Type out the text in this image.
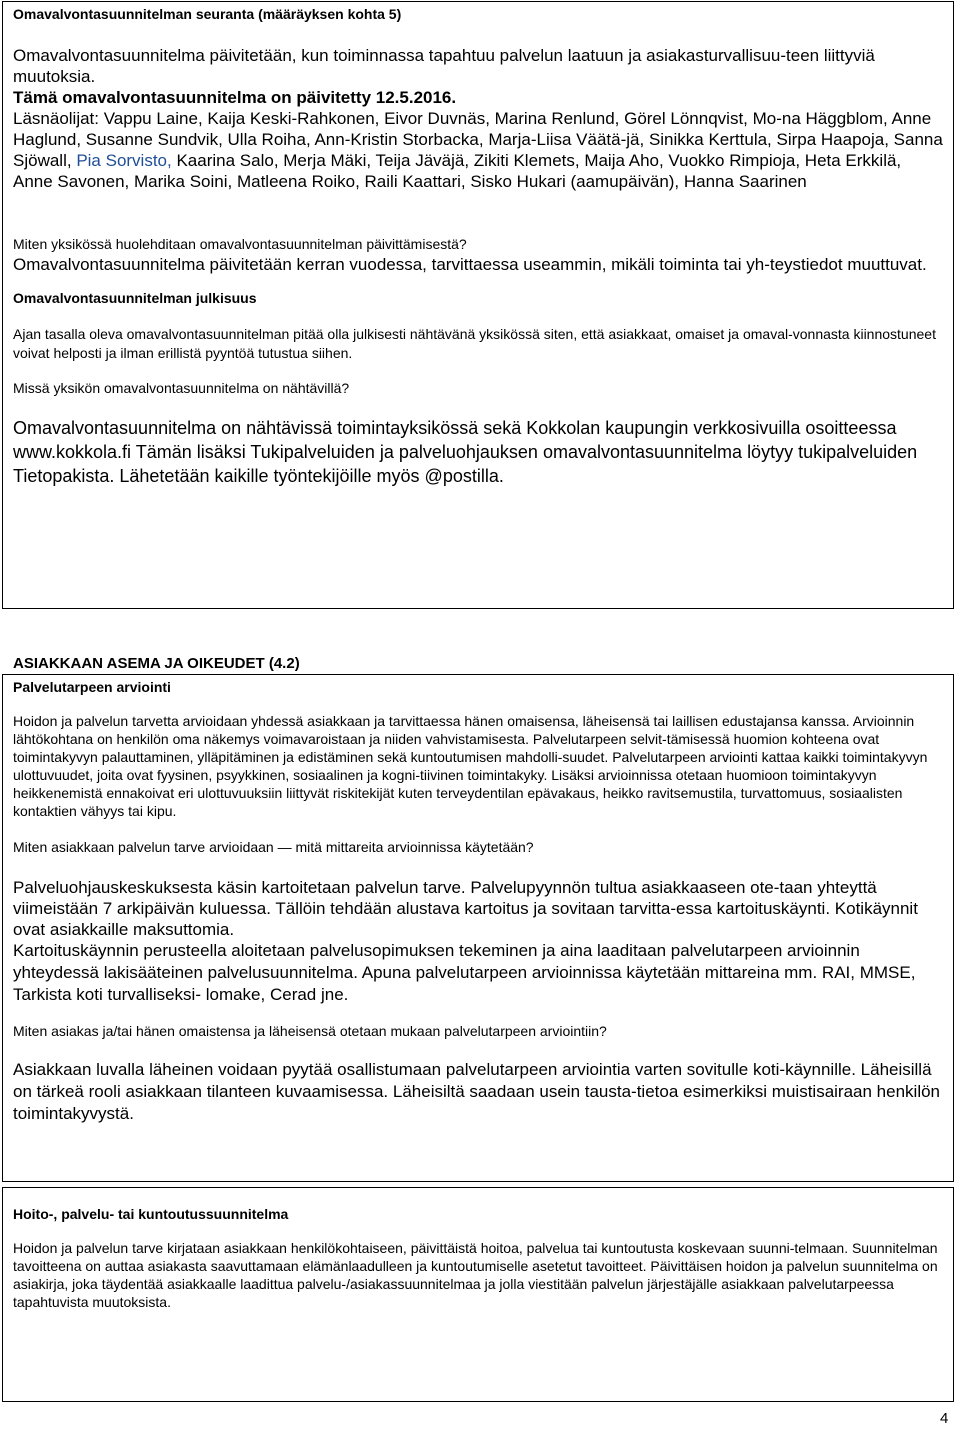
Omavalvontasuunnitelman seuranta (määräyksen kohta 5)

Omavalvontasuunnitelma päivitetään, kun toiminnassa tapahtuu palvelun laatuun ja asiakasturvallisuu-teen liittyviä muutoksia.

Tämä omavalvontasuunnitelma on päivitetty 12.5.2016.

Läsnäolijat: Vappu Laine, Kaija Keski-Rahkonen, Eivor Duvnäs, Marina Renlund, Görel Lönnqvist, Mo-na Häggblom, Anne Haglund, Susanne Sundvik, Ulla Roiha, Ann-Kristin Storbacka, Marja-Liisa Väätä-jä, Sinikka Kerttula, Sirpa Haapoja, Sanna Sjöwall, Pia Sorvisto, Kaarina Salo, Merja Mäki, Teija Jäväjä, Zikiti Klemets, Maija Aho, Vuokko Rimpioja, Heta Erkkilä, Anne Savonen, Marika Soini, Matleena Roiko, Raili Kaattari, Sisko Hukari (aamupäivän), Hanna Saarinen

Miten yksikössä huolehditaan omavalvontasuunnitelman päivittämisestä?

Omavalvontasuunnitelma päivitetään kerran vuodessa, tarvittaessa useammin, mikäli toiminta tai yh-teystiedot muuttuvat.

Omavalvontasuunnitelman julkisuus

Ajan tasalla oleva omavalvontasuunnitelman pitää olla julkisesti nähtävänä yksikössä siten, että asiakkaat, omaiset ja omaval-vonnasta kiinnostuneet voivat helposti ja ilman erillistä pyyntöä tutustua siihen.

Missä yksikön omavalvontasuunnitelma on nähtävillä?

Omavalvontasuunnitelma on nähtävissä toimintayksikössä sekä Kokkolan kaupungin verkkosivuilla osoitteessa www.kokkola.fi Tämän lisäksi Tukipalveluiden ja palveluohjauksen omavalvontasuunnitelma löytyy tukipalveluiden Tietopakista. Lähetetään kaikille työntekijöille myös @postilla.

ASIAKKAAN ASEMA JA OIKEUDET (4.2)
Palvelutarpeen arviointi

Hoidon ja palvelun tarvetta arvioidaan yhdessä asiakkaan ja tarvittaessa hänen omaisensa, läheisensä tai laillisen edustajansa kanssa. Arvioinnin lähtökohtana on henkilön oma näkemys voimavaroistaan ja niiden vahvistamisesta. Palvelutarpeen selvit-tämisessä huomion kohteena ovat toimintakyvyn palauttaminen, ylläpitäminen ja edistäminen sekä kuntoutumisen mahdolli-suudet. Palvelutarpeen arviointi kattaa kaikki toimintakyvyn ulottuvuudet, joita ovat fyysinen, psyykkinen, sosiaalinen ja kogni-tiivinen toimintakyky. Lisäksi arvioinnissa otetaan huomioon toimintakyvyn heikkenemistä ennakoivat eri ulottuvuuksiin liittyvät riskitekijät kuten terveydentilan epävakaus, heikko ravitsemustila, turvattomuus, sosiaalisten kontaktien vähyys tai kipu.

Miten asiakkaan palvelun tarve arvioidaan — mitä mittareita arvioinnissa käytetään?

Palveluohjauskeskuksesta käsin kartoitetaan palvelun tarve. Palvelupyynnön tultua asiakkaaseen ote-taan yhteyttä viimeistään 7 arkipäivän kuluessa. Tällöin tehdään alustava kartoitus ja sovitaan tarvitta-essa kartoituskäynti. Kotikäynnit ovat asiakkaille maksuttomia.

Kartoituskäynnin perusteella aloitetaan palvelusopimuksen tekeminen ja aina laaditaan palvelutarpeen arvioinnin yhteydessä lakisääteinen palvelusuunnitelma. Apuna palvelutarpeen arvioinnissa käytetään mittareina mm. RAI, MMSE, Tarkista koti turvalliseksi- lomake, Cerad jne.

Miten asiakas ja/tai hänen omaistensa ja läheisensä otetaan mukaan palvelutarpeen arviointiin?

Asiakkaan luvalla läheinen voidaan pyytää osallistumaan palvelutarpeen arviointia varten sovitulle koti-käynnille. Läheisillä on tärkeä rooli asiakkaan tilanteen kuvaamisessa. Läheisiltä saadaan usein tausta-tietoa esimerkiksi muistisairaan henkilön toimintakyvystä.

Hoito-, palvelu- tai kuntoutussuunnitelma

Hoidon ja palvelun tarve kirjataan asiakkaan henkilökohtaiseen, päivittäistä hoitoa, palvelua tai kuntoutusta koskevaan suunni-telmaan. Suunnitelman tavoitteena on auttaa asiakasta saavuttamaan elämänlaadulleen ja kuntoutumiselle asetetut tavoitteet. Päivittäisen hoidon ja palvelun suunnitelma on asiakirja, joka täydentää asiakkaalle laadittua palvelu-/asiakassuunnitelmaa ja jolla viestitään palvelun järjestäjälle asiakkaan palvelutarpeessa tapahtuvista muutoksista.

4
